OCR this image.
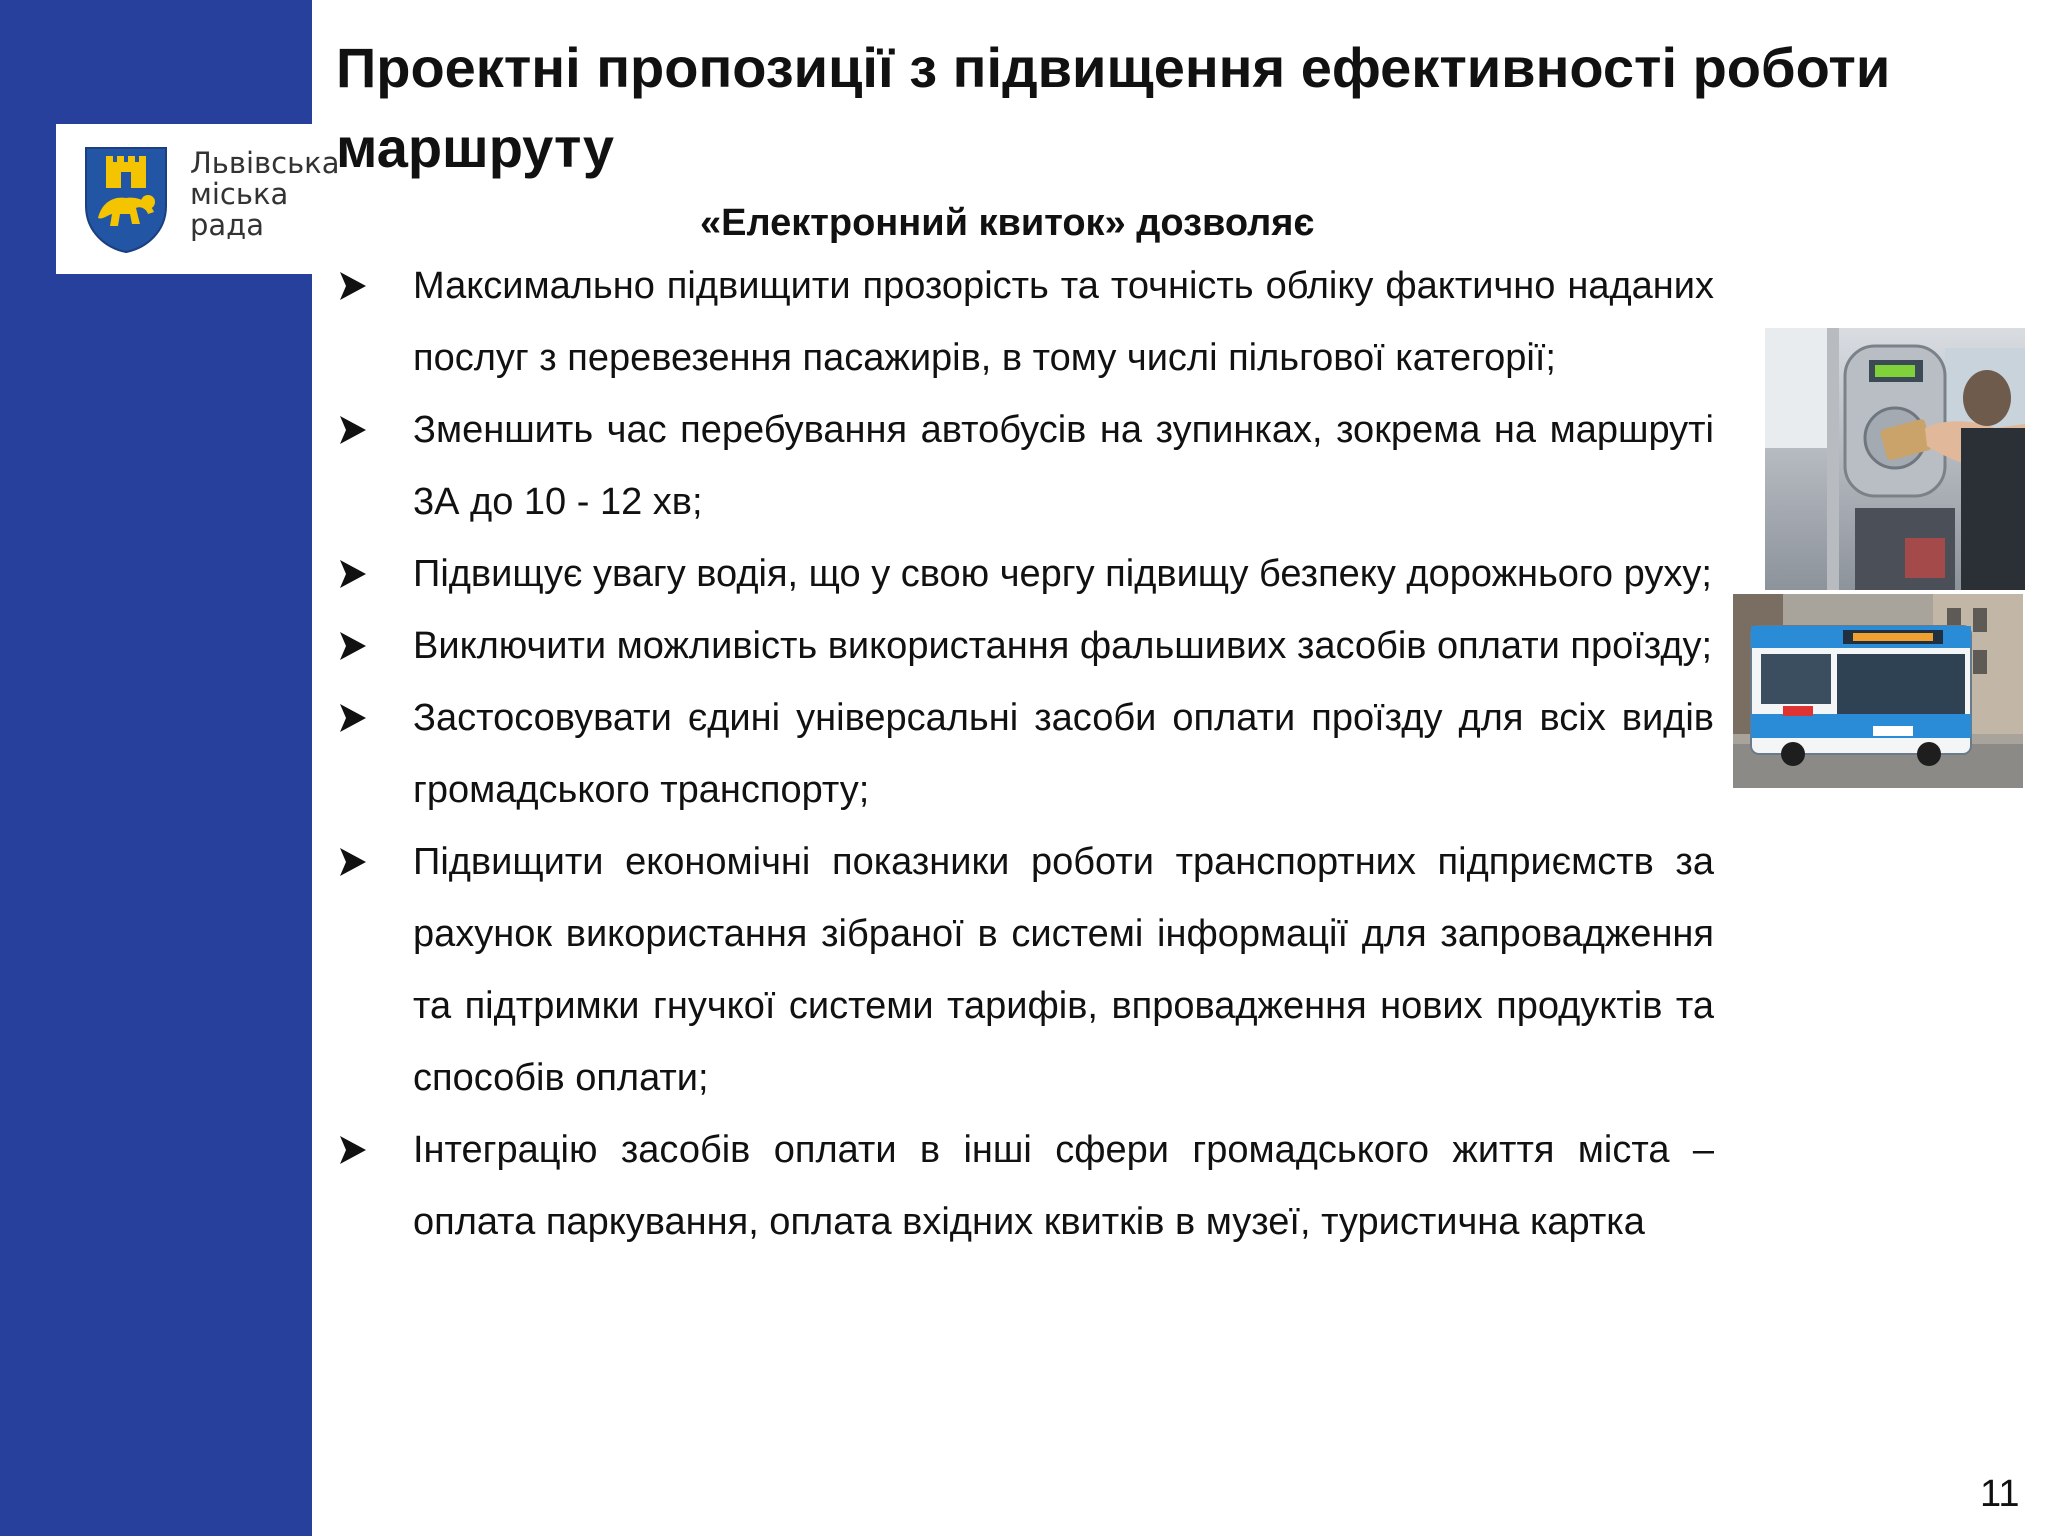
Львівська
міська
рада
Проектні пропозиції з підвищення ефективності роботи маршруту
«Електронний квиток» дозволяє
Максимально підвищити прозорість та точність обліку фактично наданих послуг з перевезення пасажирів, в тому числі пільгової категорії;
Зменшить час перебування автобусів на зупинках, зокрема на маршруті 3А до 10 - 12 хв;
Підвищує увагу водія, що у свою чергу підвищу безпеку дорожнього руху;
Виключити можливість використання фальшивих засобів оплати проїзду;
Застосовувати єдині універсальні засоби оплати проїзду для всіх видів громадського транспорту;
Підвищити економічні показники роботи транспортних підприємств за рахунок використання зібраної в системі інформації для запровадження та підтримки гнучкої системи тарифів, впровадження нових продуктів та способів оплати;
Інтеграцію засобів оплати в інші сфери громадського життя міста – оплата паркування, оплата вхідних квитків в музеї, туристична картка
11
